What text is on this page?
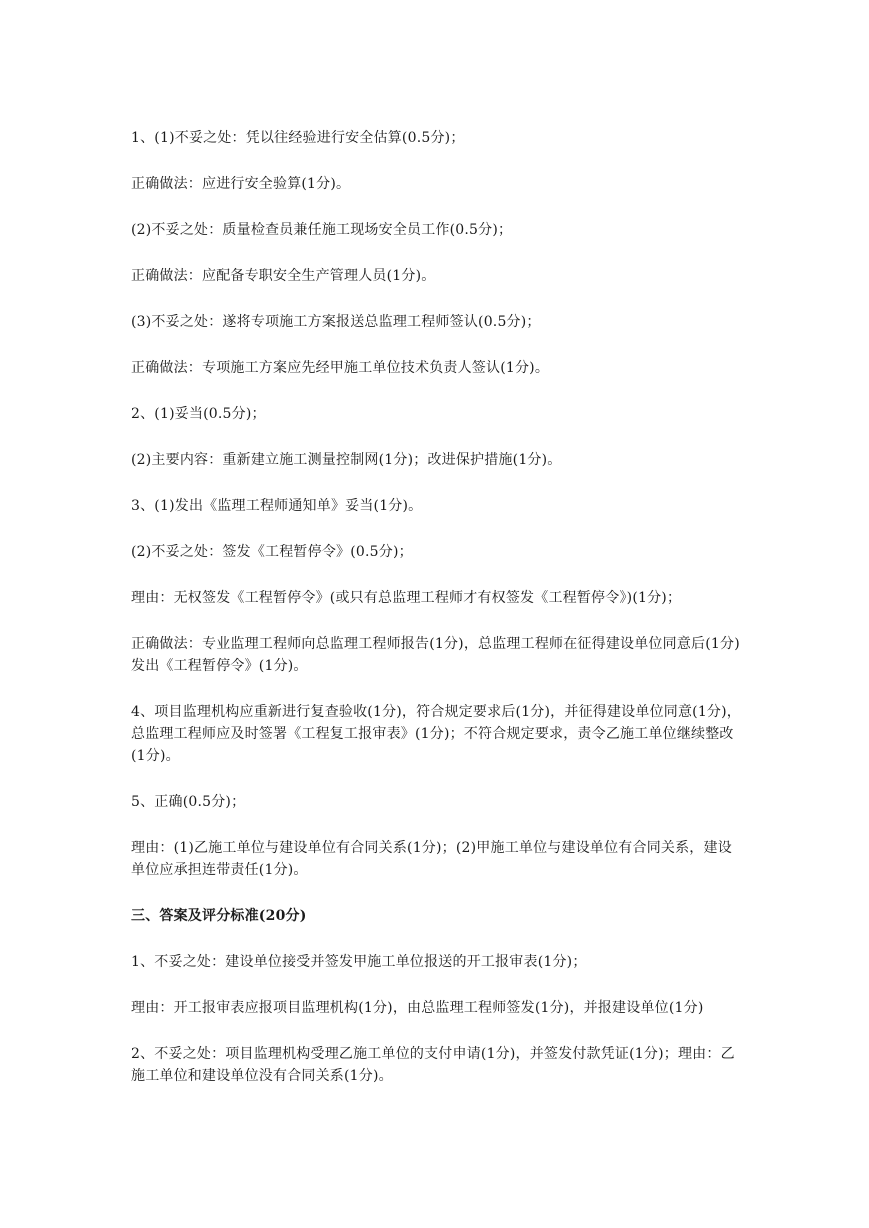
1、(1)不妥之处：凭以往经验进行安全估算(0.5分)；

正确做法：应进行安全验算(1分)。

(2)不妥之处：质量检查员兼任施工现场安全员工作(0.5分)；

正确做法：应配备专职安全生产管理人员(1分)。

(3)不妥之处：遂将专项施工方案报送总监理工程师签认(0.5分)；

正确做法：专项施工方案应先经甲施工单位技术负责人签认(1分)。

2、(1)妥当(0.5分)；

(2)主要内容：重新建立施工测量控制网(1分)；改进保护措施(1分)。

3、(1)发出《监理工程师通知单》妥当(1分)。

(2)不妥之处：签发《工程暂停令》(0.5分)；

理由：无权签发《工程暂停令》(或只有总监理工程师才有权签发《工程暂停令》)(1分)；

正确做法：专业监理工程师向总监理工程师报告(1分)，总监理工程师在征得建设单位同意后(1分)发出《工程暂停令》(1分)。

4、项目监理机构应重新进行复查验收(1分)，符合规定要求后(1分)，并征得建设单位同意(1分)，总监理工程师应及时签署《工程复工报审表》(1分)；不符合规定要求，责令乙施工单位继续整改(1分)。

5、正确(0.5分)；

理由：(1)乙施工单位与建设单位有合同关系(1分)；(2)甲施工单位与建设单位有合同关系，建设单位应承担连带责任(1分)。

三、答案及评分标准(20分)

1、不妥之处：建设单位接受并签发甲施工单位报送的开工报审表(1分)；

理由：开工报审表应报项目监理机构(1分)，由总监理工程师签发(1分)，并报建设单位(1分)

2、不妥之处：项目监理机构受理乙施工单位的支付申请(1分)，并签发付款凭证(1分)；理由：乙施工单位和建设单位没有合同关系(1分)。
